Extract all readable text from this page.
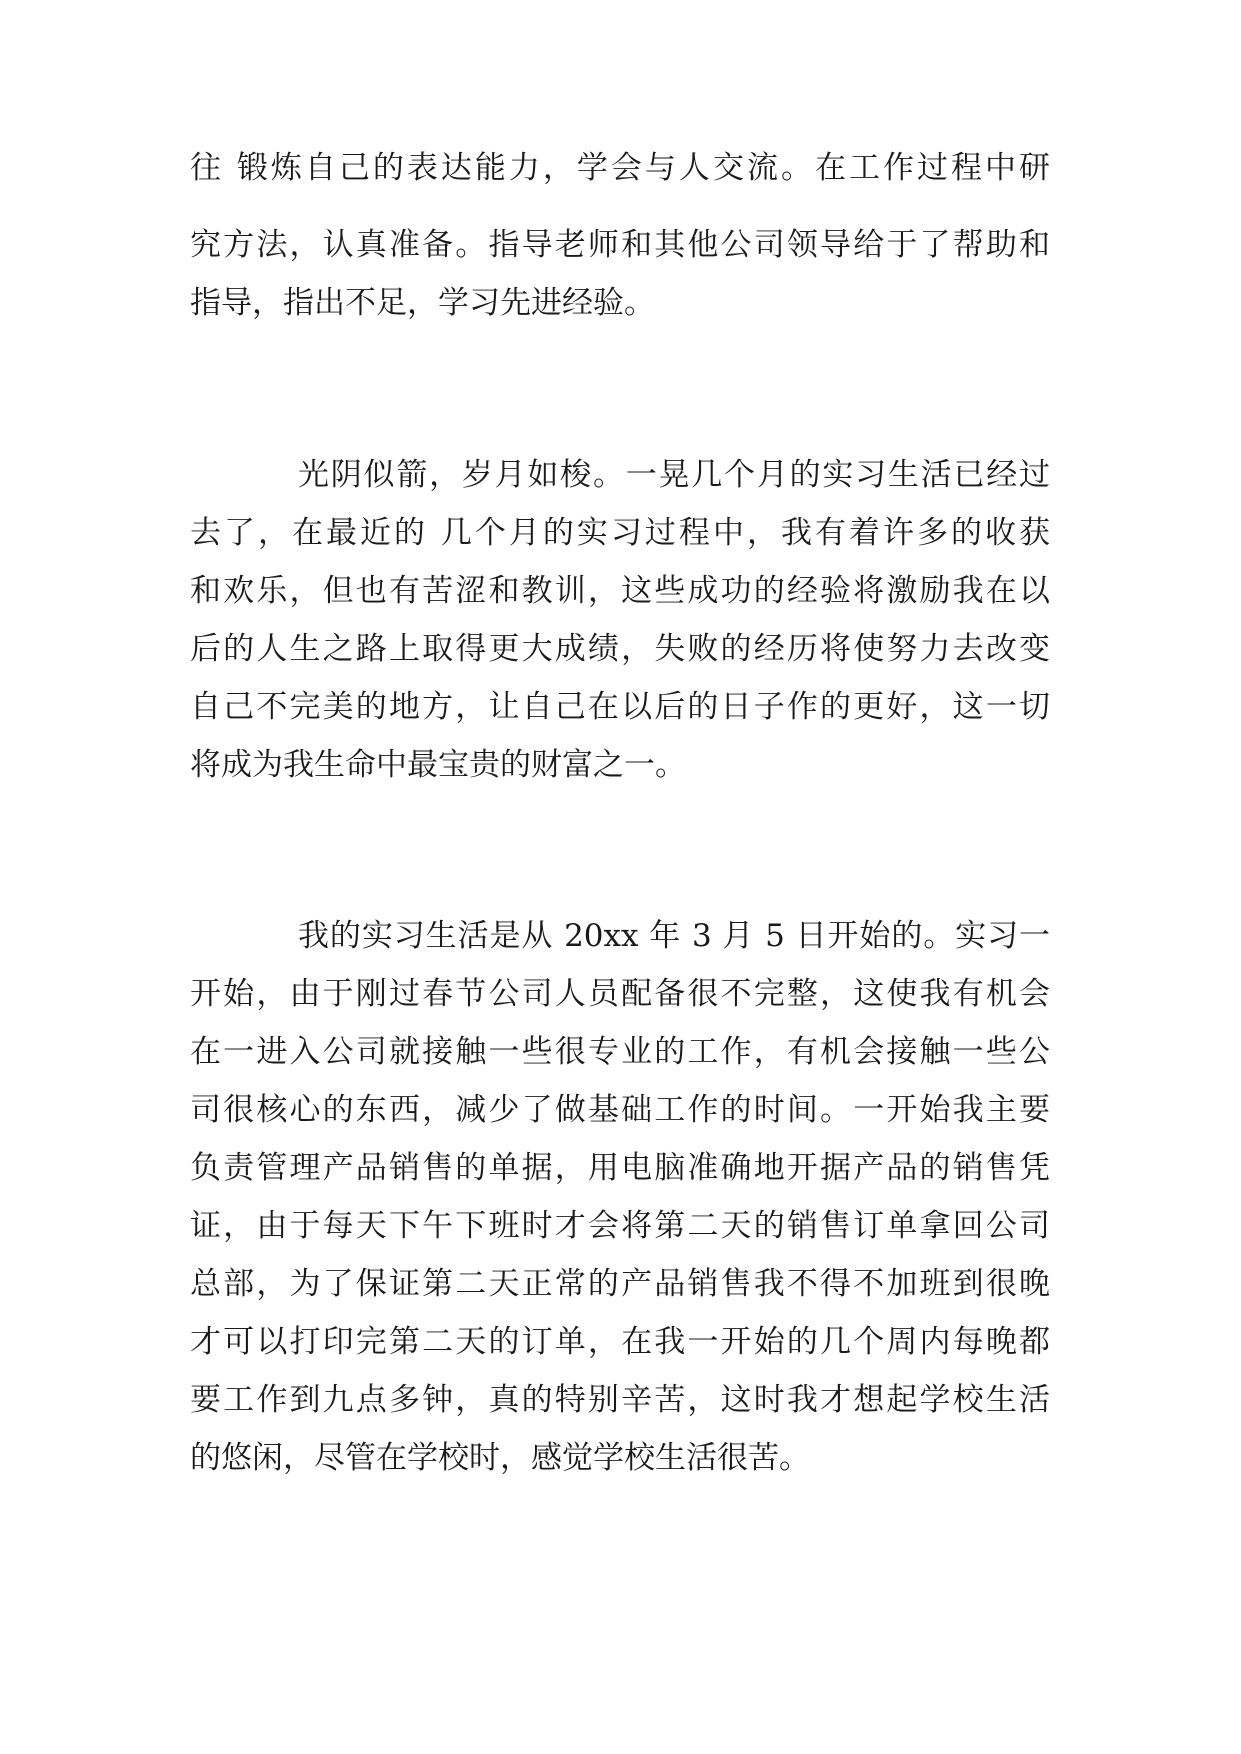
往 锻炼自己的表达能力，学会与人交流。在工作过程中研
究方法，认真准备。指导老师和其他公司领导给于了帮助和
指导，指出不足，学习先进经验。
光阴似箭，岁月如梭。一晃几个月的实习生活已经过
去了，在最近的 几个月的实习过程中，我有着许多的收获
和欢乐，但也有苦涩和教训，这些成功的经验将激励我在以
后的人生之路上取得更大成绩，失败的经历将使努力去改变
自己不完美的地方，让自己在以后的日子作的更好，这一切
将成为我生命中最宝贵的财富之一。
我的实习生活是从 20xx 年 3 月 5 日开始的。实习一
开始，由于刚过春节公司人员配备很不完整，这使我有机会
在一进入公司就接触一些很专业的工作，有机会接触一些公
司很核心的东西，减少了做基础工作的时间。一开始我主要
负责管理产品销售的单据，用电脑准确地开据产品的销售凭
证，由于每天下午下班时才会将第二天的销售订单拿回公司
总部，为了保证第二天正常的产品销售我不得不加班到很晚
才可以打印完第二天的订单，在我一开始的几个周内每晚都
要工作到九点多钟，真的特别辛苦，这时我才想起学校生活
的悠闲，尽管在学校时，感觉学校生活很苦。
